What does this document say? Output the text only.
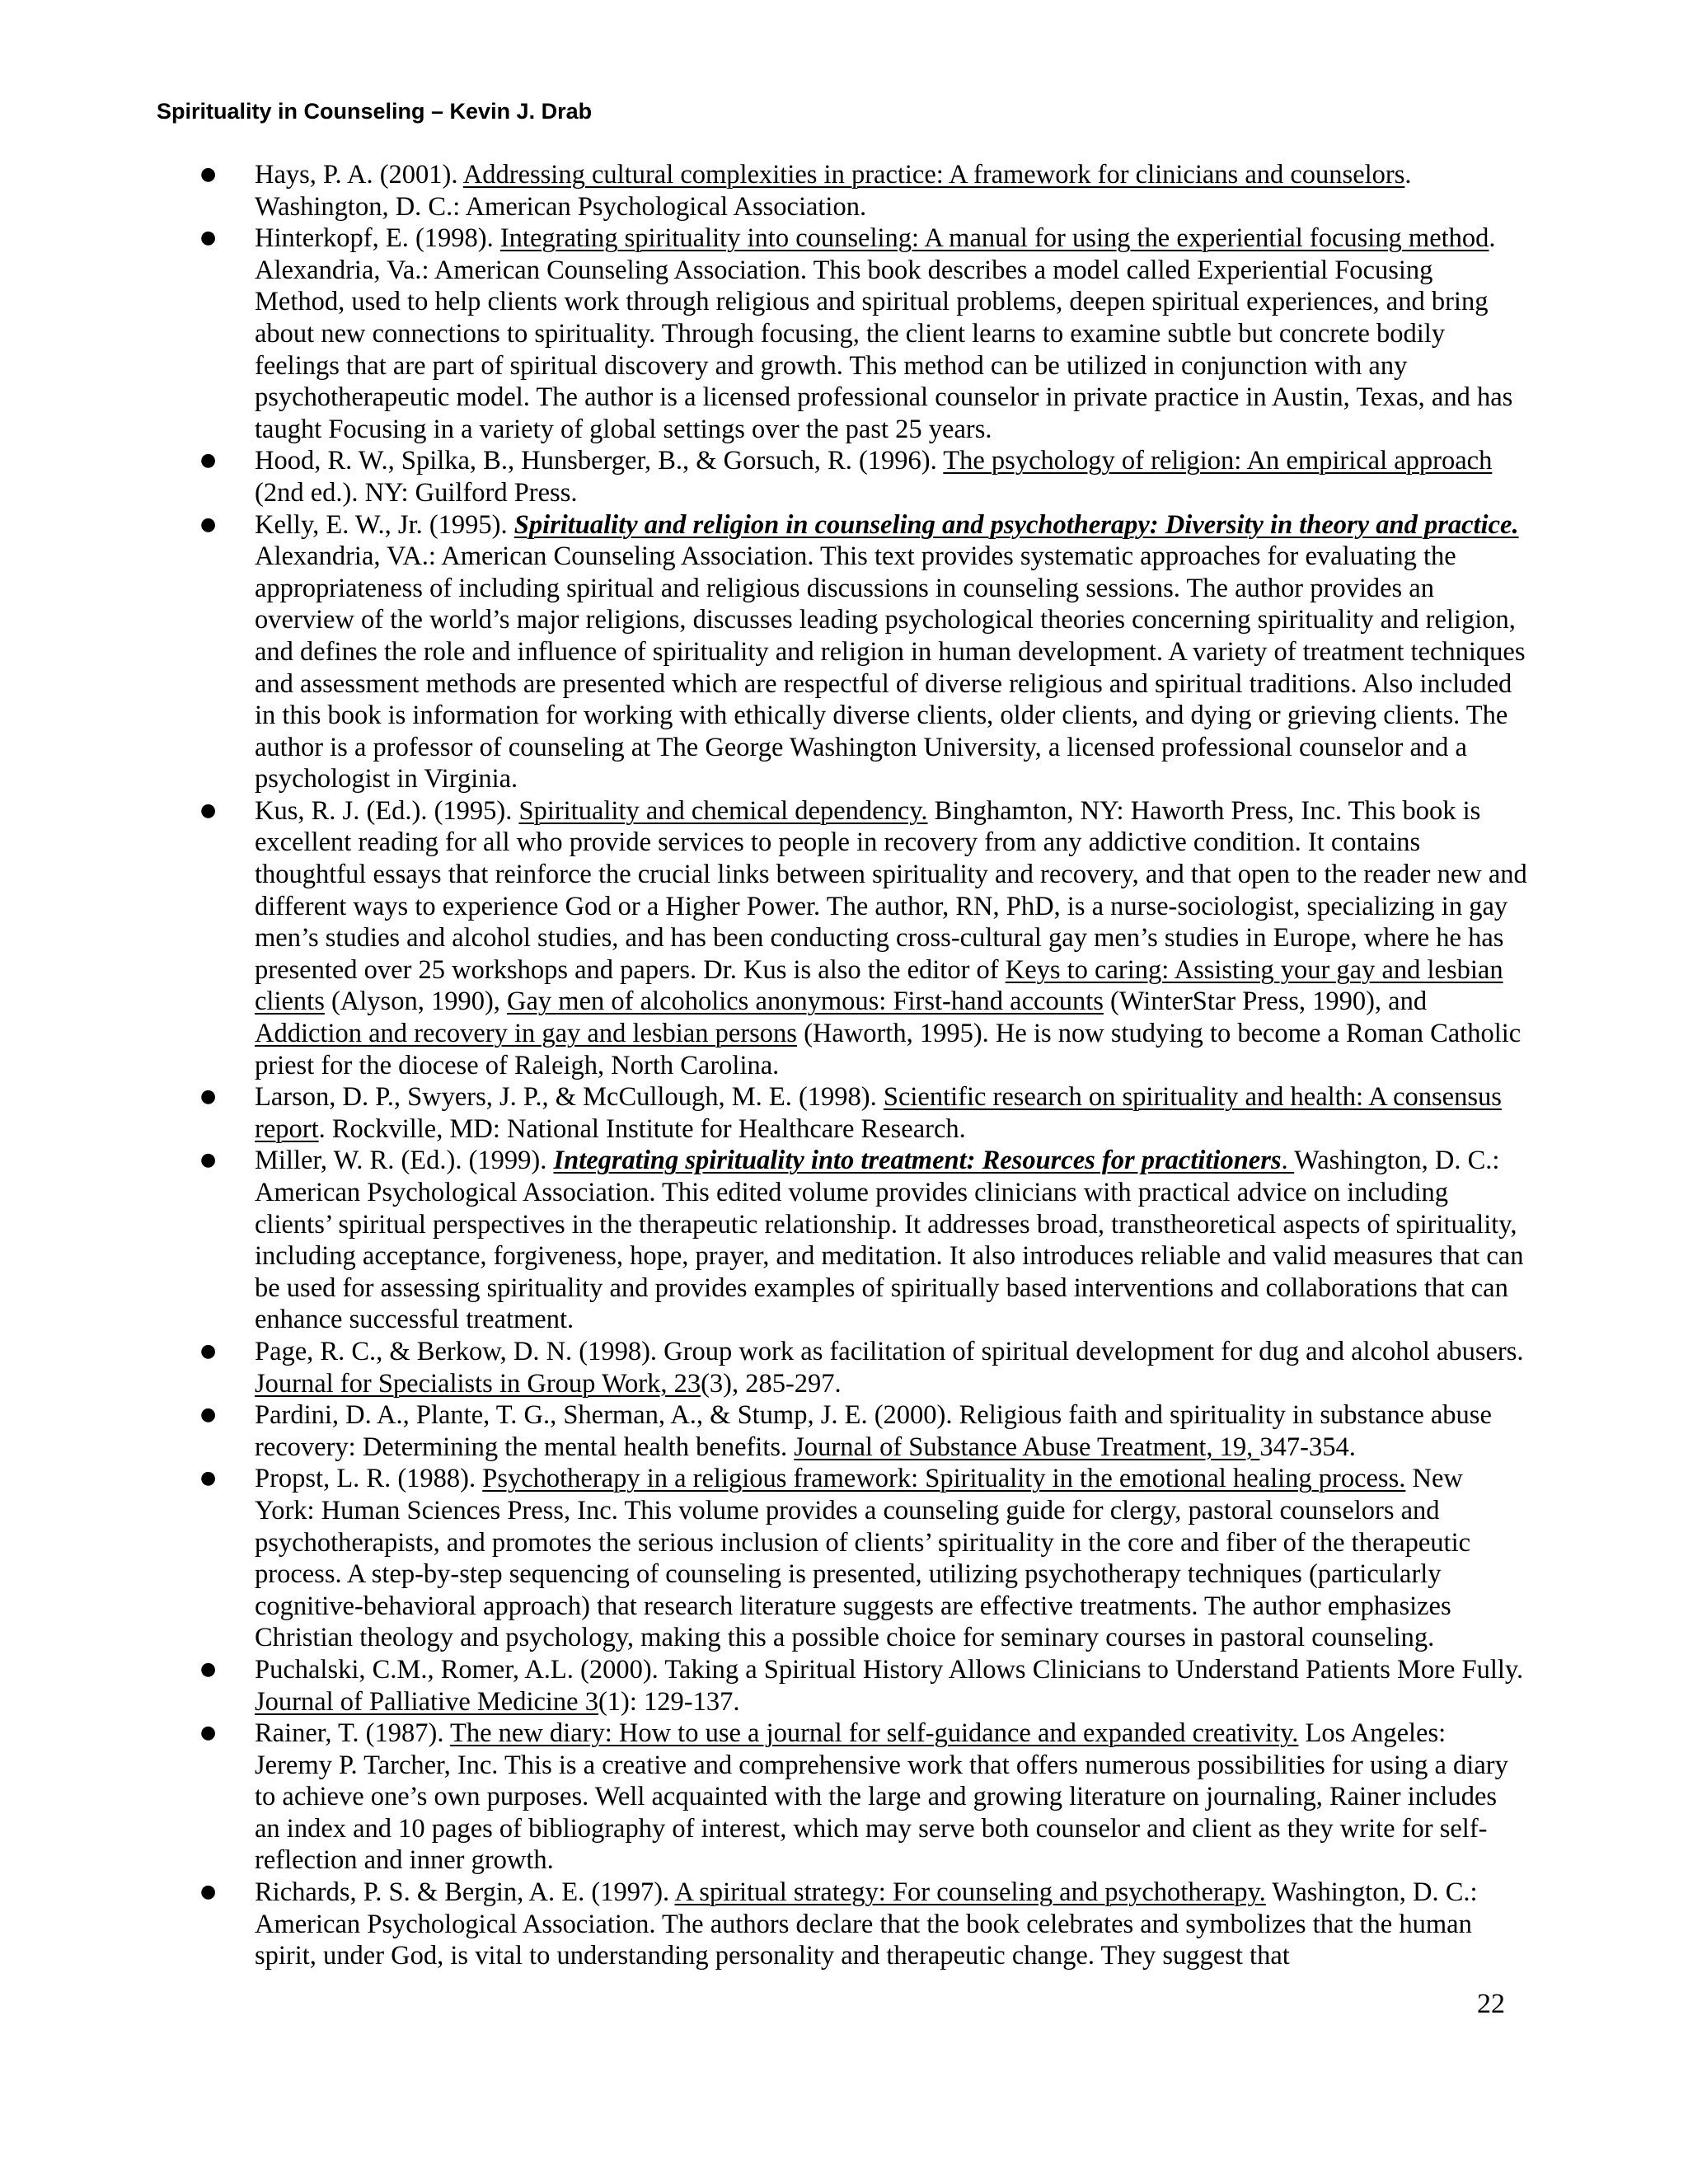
Spirituality in Counseling – Kevin J. Drab
● Hays, P. A. (2001). Addressing cultural complexities in practice: A framework for clinicians and counselors. Washington, D. C.: American Psychological Association.
● Hinterkopf, E. (1998). Integrating spirituality into counseling: A manual for using the experiential focusing method. Alexandria, Va.: American Counseling Association. This book describes a model called Experiential Focusing Method, used to help clients work through religious and spiritual problems, deepen spiritual experiences, and bring about new connections to spirituality. Through focusing, the client learns to examine subtle but concrete bodily feelings that are part of spiritual discovery and growth. This method can be utilized in conjunction with any psychotherapeutic model. The author is a licensed professional counselor in private practice in Austin, Texas, and has taught Focusing in a variety of global settings over the past 25 years.
● Hood, R. W., Spilka, B., Hunsberger, B., & Gorsuch, R. (1996). The psychology of religion: An empirical approach (2nd ed.). NY: Guilford Press.
● Kelly, E. W., Jr. (1995). Spirituality and religion in counseling and psychotherapy: Diversity in theory and practice. Alexandria, VA.: American Counseling Association. This text provides systematic approaches for evaluating the appropriateness of including spiritual and religious discussions in counseling sessions. The author provides an overview of the world’s major religions, discusses leading psychological theories concerning spirituality and religion, and defines the role and influence of spirituality and religion in human development. A variety of treatment techniques and assessment methods are presented which are respectful of diverse religious and spiritual traditions. Also included in this book is information for working with ethically diverse clients, older clients, and dying or grieving clients. The author is a professor of counseling at The George Washington University, a licensed professional counselor and a psychologist in Virginia.
● Kus, R. J. (Ed.). (1995). Spirituality and chemical dependency. Binghamton, NY: Haworth Press, Inc. This book is excellent reading for all who provide services to people in recovery from any addictive condition. It contains thoughtful essays that reinforce the crucial links between spirituality and recovery, and that open to the reader new and different ways to experience God or a Higher Power. The author, RN, PhD, is a nurse-sociologist, specializing in gay men’s studies and alcohol studies, and has been conducting cross-cultural gay men’s studies in Europe, where he has presented over 25 workshops and papers. Dr. Kus is also the editor of Keys to caring: Assisting your gay and lesbian clients (Alyson, 1990), Gay men of alcoholics anonymous: First-hand accounts (WinterStar Press, 1990), and Addiction and recovery in gay and lesbian persons (Haworth, 1995). He is now studying to become a Roman Catholic priest for the diocese of Raleigh, North Carolina.
● Larson, D. P., Swyers, J. P., & McCullough, M. E. (1998). Scientific research on spirituality and health: A consensus report. Rockville, MD: National Institute for Healthcare Research.
● Miller, W. R. (Ed.). (1999). Integrating spirituality into treatment: Resources for practitioners. Washington, D. C.: American Psychological Association. This edited volume provides clinicians with practical advice on including clients’ spiritual perspectives in the therapeutic relationship. It addresses broad, transtheoretical aspects of spirituality, including acceptance, forgiveness, hope, prayer, and meditation. It also introduces reliable and valid measures that can be used for assessing spirituality and provides examples of spiritually based interventions and collaborations that can enhance successful treatment.
● Page, R. C., & Berkow, D. N. (1998). Group work as facilitation of spiritual development for dug and alcohol abusers. Journal for Specialists in Group Work, 23(3), 285-297.
● Pardini, D. A., Plante, T. G., Sherman, A., & Stump, J. E. (2000). Religious faith and spirituality in substance abuse recovery: Determining the mental health benefits. Journal of Substance Abuse Treatment, 19, 347-354.
● Propst, L. R. (1988). Psychotherapy in a religious framework: Spirituality in the emotional healing process. New York: Human Sciences Press, Inc. This volume provides a counseling guide for clergy, pastoral counselors and psychotherapists, and promotes the serious inclusion of clients’ spirituality in the core and fiber of the therapeutic process. A step-by-step sequencing of counseling is presented, utilizing psychotherapy techniques (particularly cognitive-behavioral approach) that research literature suggests are effective treatments. The author emphasizes Christian theology and psychology, making this a possible choice for seminary courses in pastoral counseling.
● Puchalski, C.M., Romer, A.L. (2000). Taking a Spiritual History Allows Clinicians to Understand Patients More Fully. Journal of Palliative Medicine 3(1): 129-137.
● Rainer, T. (1987). The new diary: How to use a journal for self-guidance and expanded creativity. Los Angeles: Jeremy P. Tarcher, Inc. This is a creative and comprehensive work that offers numerous possibilities for using a diary to achieve one’s own purposes. Well acquainted with the large and growing literature on journaling, Rainer includes an index and 10 pages of bibliography of interest, which may serve both counselor and client as they write for self-reflection and inner growth.
● Richards, P. S. & Bergin, A. E. (1997). A spiritual strategy: For counseling and psychotherapy. Washington, D. C.: American Psychological Association. The authors declare that the book celebrates and symbolizes that the human spirit, under God, is vital to understanding personality and therapeutic change. They suggest that
22
